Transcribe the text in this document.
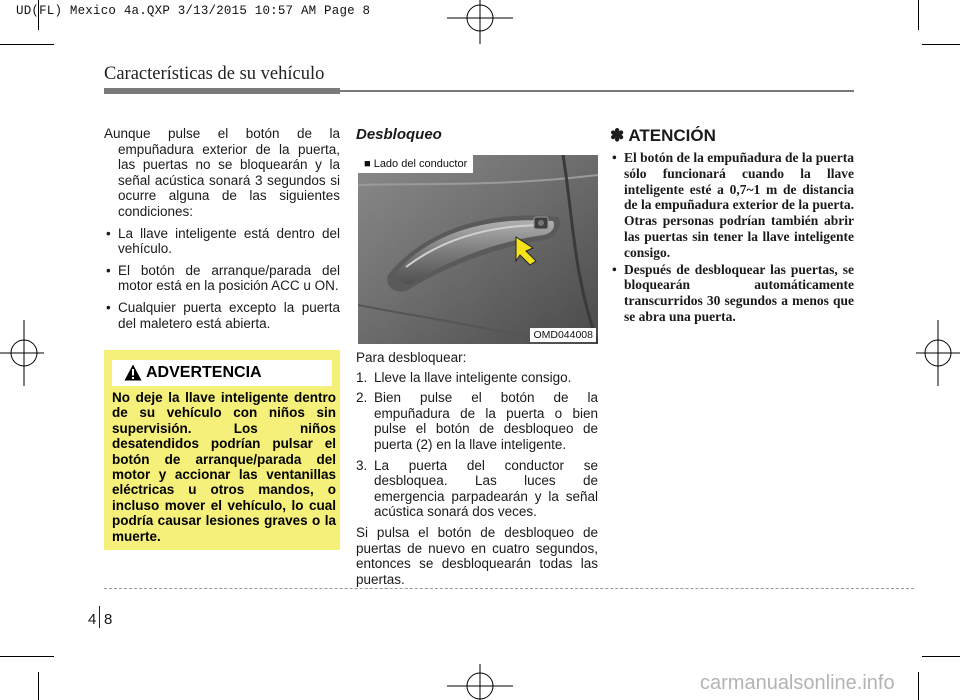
UD(FL) Mexico 4a.QXP 3/13/2015 10:57 AM Page 8
Características de su vehículo

Aunque pulse el botón de la empuñadura exterior de la puerta, las puertas no se bloquearán y la señal acústica sonará 3 segundos si ocurre alguna de las siguientes condiciones:

• La llave inteligente está dentro del vehículo.
• El botón de arranque/parada del motor está en la posición ACC u ON.
• Cualquier puerta excepto la puerta del maletero está abierta.
ADVERTENCIA
No deje la llave inteligente dentro de su vehículo con niños sin supervisión. Los niños desatendidos podrían pulsar el botón de arranque/parada del motor y accionar las ventanillas eléctricas u otros mandos, o incluso mover el vehículo, lo cual podría causar lesiones graves o la muerte.
Desbloqueo
■ Lado del conductor
OMD044008

Para desbloquear:

1. Lleve la llave inteligente consigo.
2. Bien pulse el botón de la empuñadura de la puerta o bien pulse el botón de desbloqueo de puerta (2) en la llave inteligente.
3. La puerta del conductor se desbloquea. Las luces de emergencia parpadearán y la señal acústica sonará dos veces.

Si pulsa el botón de desbloqueo de puertas de nuevo en cuatro segundos, entonces se desbloquearán todas las puertas.

✽ ATENCIÓN
• El botón de la empuñadura de la puerta sólo funcionará cuando la llave inteligente esté a 0,7~1 m de distancia de la empuñadura exterior de la puerta. Otras personas podrían también abrir las puertas sin tener la llave inteligente consigo.
• Después de desbloquear las puertas, se bloquearán automáticamente transcurridos 30 segundos a menos que se abra una puerta.
4 8
carmanualsonline.info
